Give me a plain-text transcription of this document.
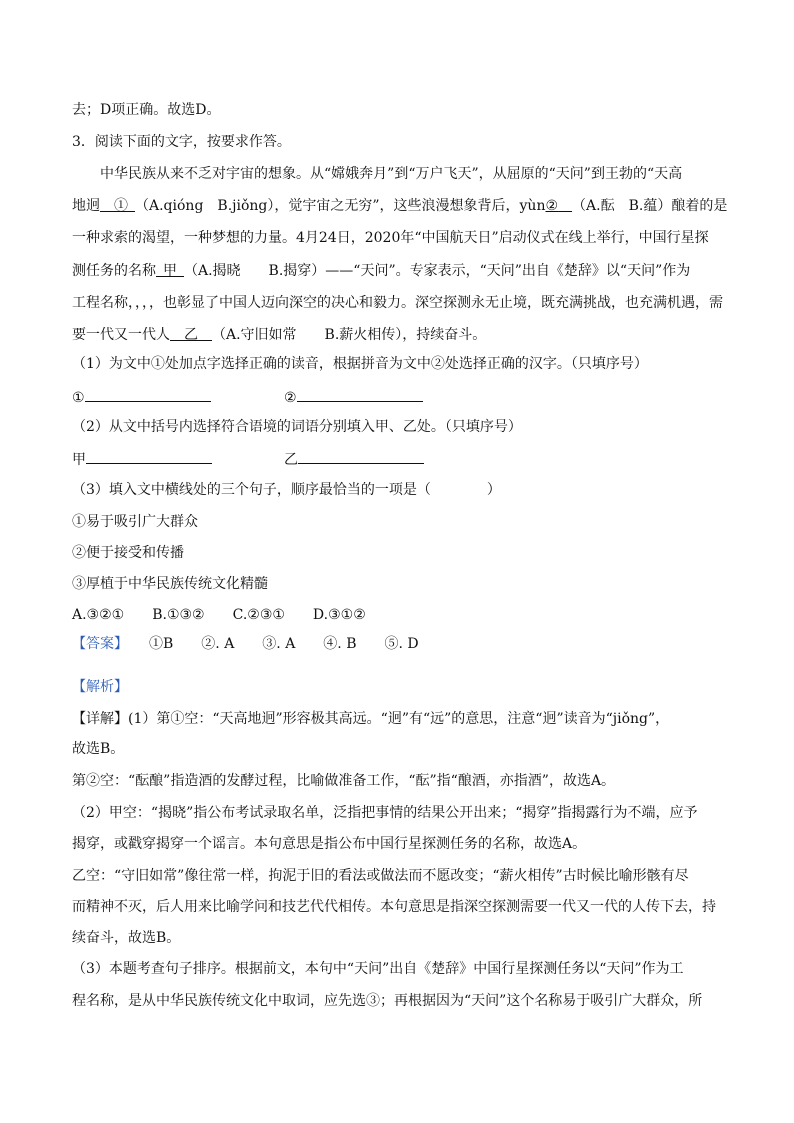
去；D项正确。故选D。
3．阅读下面的文字，按要求作答。
中华民族从来不乏对宇宙的想象。从“嫦娥奔月”到“万户飞天”，从屈原的“天问”到王勃的“天高
地迥   ①  （A.qióng　B.jiǒng），觉宇宙之无穷”，这些浪漫想象背后，yùn②   （A.酝　B.蕴）酿着的是
一种求索的渴望，一种梦想的力量。4月24日，2020年“中国航天日”启动仪式在线上举行，中国行星探
测任务的名称  甲  （A.揭晓　　B.揭穿）——“天问”。专家表示，“天问”出自《楚辞》以“天问”作为
工程名称，，，，也彰显了中国人迈向深空的决心和毅力。深空探测永无止境，既充满挑战，也充满机遇，需
要一代又一代人   乙   （A.守旧如常　　B.薪火相传），持续奋斗。
（1）为文中①处加点字选择正确的读音，根据拼音为文中②处选择正确的汉字。（只填序号）
①	②
（2）从文中括号内选择符合语境的词语分别填入甲、乙处。（只填序号）
甲	乙
（3）填入文中横线处的三个句子，顺序最恰当的一项是（　　　　）
①易于吸引广大群众
②便于接受和传播
③厚植于中华民族传统文化精髓
A.③②①　　B.①③②　　C.②③①　　D.③①②
【答案】   ①B　　②. A　　③. A　　④. B　　⑤. D
【解析】
【详解】(1）第①空：“天高地迥”形容极其高远。“迥”有“远”的意思，注意“迥”读音为“jiǒng”，
故选B。
第②空：“酝酿”指造酒的发酵过程，比喻做准备工作，“酝”指“酿酒，亦指酒”，故选A。
（2）甲空：“揭晓”指公布考试录取名单，泛指把事情的结果公开出来；“揭穿”指揭露行为不端，应予
揭穿，或戳穿揭穿一个谣言。本句意思是指公布中国行星探测任务的名称，故选A。
乙空：“守旧如常”像往常一样，拘泥于旧的看法或做法而不愿改变；“薪火相传”古时候比喻形骸有尽
而精神不灭，后人用来比喻学问和技艺代代相传。本句意思是指深空探测需要一代又一代的人传下去，持
续奋斗，故选B。
（3）本题考查句子排序。根据前文，本句中“天问”出自《楚辞》中国行星探测任务以“天问”作为工
程名称，是从中华民族传统文化中取词，应先选③；再根据因为“天问”这个名称易于吸引广大群众，所
